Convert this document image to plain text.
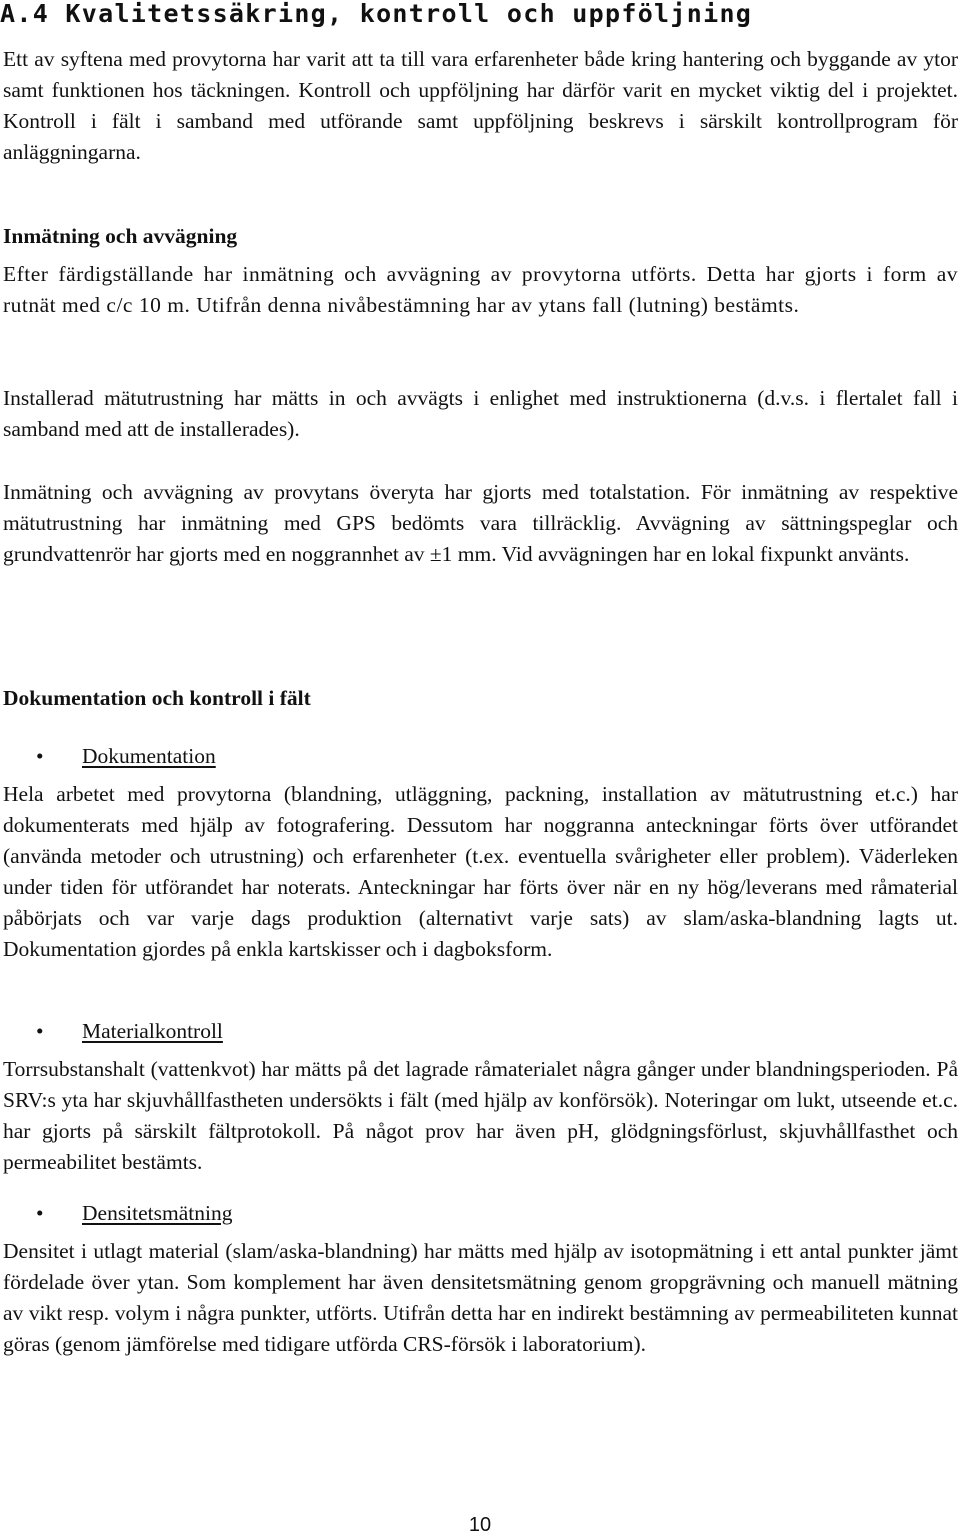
A.4 Kvalitetssäkring, kontroll och uppföljning

Ett av syftena med provytorna har varit att ta till vara erfarenheter både kring hantering och byggande av ytor samt funktionen hos täckningen. Kontroll och uppföljning har därför varit en mycket viktig del i projektet. Kontroll i fält i samband med utförande samt uppföljning beskrevs i särskilt kontrollprogram för anläggningarna.

Inmätning och avvägning

Efter färdigställande har inmätning och avvägning av provytorna utförts. Detta har gjorts i form av rutnät med c/c 10 m. Utifrån denna nivåbestämning har av ytans fall (lutning) bestämts.

Installerad mätutrustning har mätts in och avvägts i enlighet med instruktionerna (d.v.s. i flertalet fall i samband med att de installerades).

Inmätning och avvägning av provytans överyta har gjorts med totalstation. För inmätning av respektive mätutrustning har inmätning med GPS bedömts vara tillräcklig. Avvägning av sättningspeglar och grundvattenrör har gjorts med en noggrannhet av ±1 mm. Vid avvägningen har en lokal fixpunkt använts.

Dokumentation och kontroll i fält
• Dokumentation

Hela arbetet med provytorna (blandning, utläggning, packning, installation av mätutrustning et.c.) har dokumenterats med hjälp av fotografering. Dessutom har noggranna anteckningar förts över utförandet (använda metoder och utrustning) och erfarenheter (t.ex. eventuella svårigheter eller problem). Väderleken under tiden för utförandet har noterats. Anteckningar har förts över när en ny hög/leverans med råmaterial påbörjats och var varje dags produktion (alternativt varje sats) av slam/aska-blandning lagts ut. Dokumentation gjordes på enkla kartskisser och i dagboksform.

• Materialkontroll

Torrsubstanshalt (vattenkvot) har mätts på det lagrade råmaterialet några gånger under blandningsperioden. På SRV:s yta har skjuvhållfastheten undersökts i fält (med hjälp av konförsök). Noteringar om lukt, utseende et.c. har gjorts på särskilt fältprotokoll. På något prov har även pH, glödgningsförlust, skjuvhållfasthet och permeabilitet bestämts.

• Densitetsmätning

Densitet i utlagt material (slam/aska-blandning) har mätts med hjälp av isotopmätning i ett antal punkter jämt fördelade över ytan. Som komplement har även densitetsmätning genom gropgrävning och manuell mätning av vikt resp. volym i några punkter, utförts. Utifrån detta har en indirekt bestämning av permeabiliteten kunnat göras (genom jämförelse med tidigare utförda CRS-försök i laboratorium).

10
